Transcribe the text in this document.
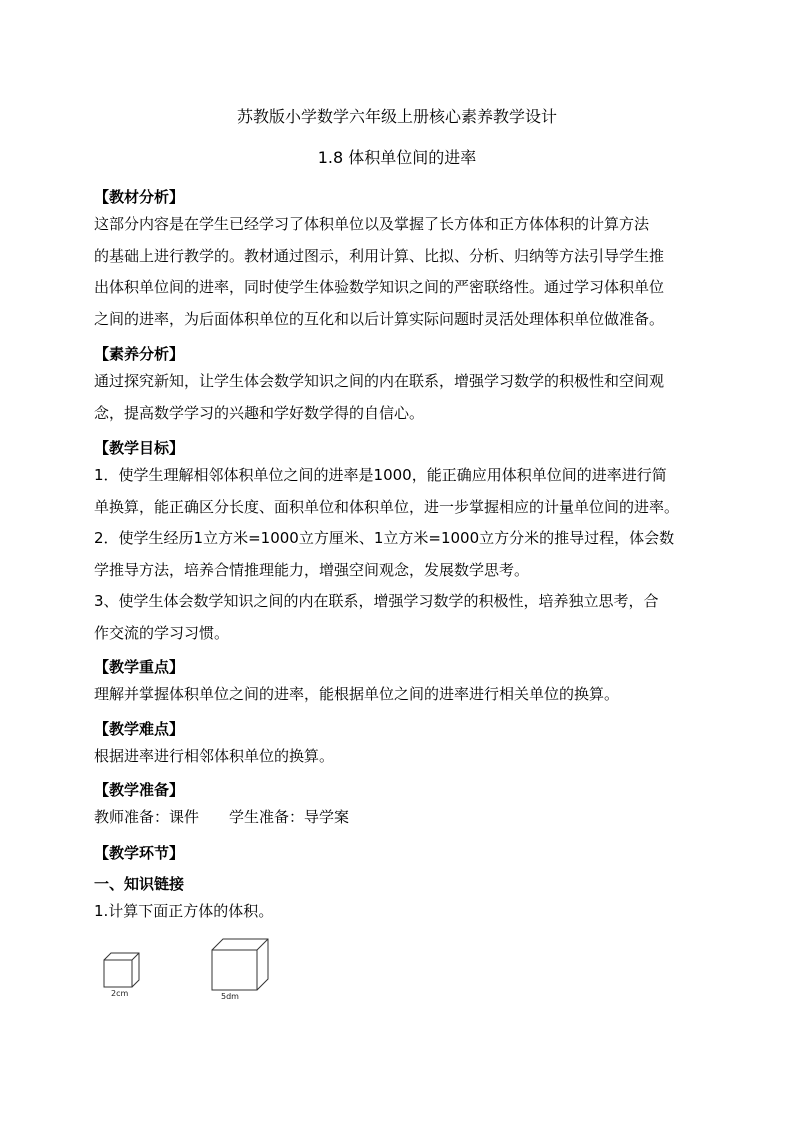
苏教版小学数学六年级上册核心素养教学设计
1.8 体积单位间的进率
【教材分析】
这部分内容是在学生已经学习了体积单位以及掌握了长方体和正方体体积的计算方法
的基础上进行教学的。教材通过图示，利用计算、比拟、分析、归纳等方法引导学生推
出体积单位间的进率，同时使学生体验数学知识之间的严密联络性。通过学习体积单位
之间的进率，为后面体积单位的互化和以后计算实际问题时灵活处理体积单位做准备。
【素养分析】
通过探究新知，让学生体会数学知识之间的内在联系，增强学习数学的积极性和空间观
念，提高数学学习的兴趣和学好数学得的自信心。
【教学目标】
1．使学生理解相邻体积单位之间的进率是1000，能正确应用体积单位间的进率进行简
单换算，能正确区分长度、面积单位和体积单位，进一步掌握相应的计量单位间的进率。
2．使学生经历1立方米=1000立方厘米、1立方米=1000立方分米的推导过程，体会数
学推导方法，培养合情推理能力，增强空间观念，发展数学思考。
3、使学生体会数学知识之间的内在联系，增强学习数学的积极性，培养独立思考，合
作交流的学习习惯。
【教学重点】
理解并掌握体积单位之间的进率，能根据单位之间的进率进行相关单位的换算。
【教学难点】
根据进率进行相邻体积单位的换算。
【教学准备】
教师准备：课件　　学生准备：导学案
【教学环节】
一、知识链接
1.计算下面正方体的体积。
2cm	5dm
